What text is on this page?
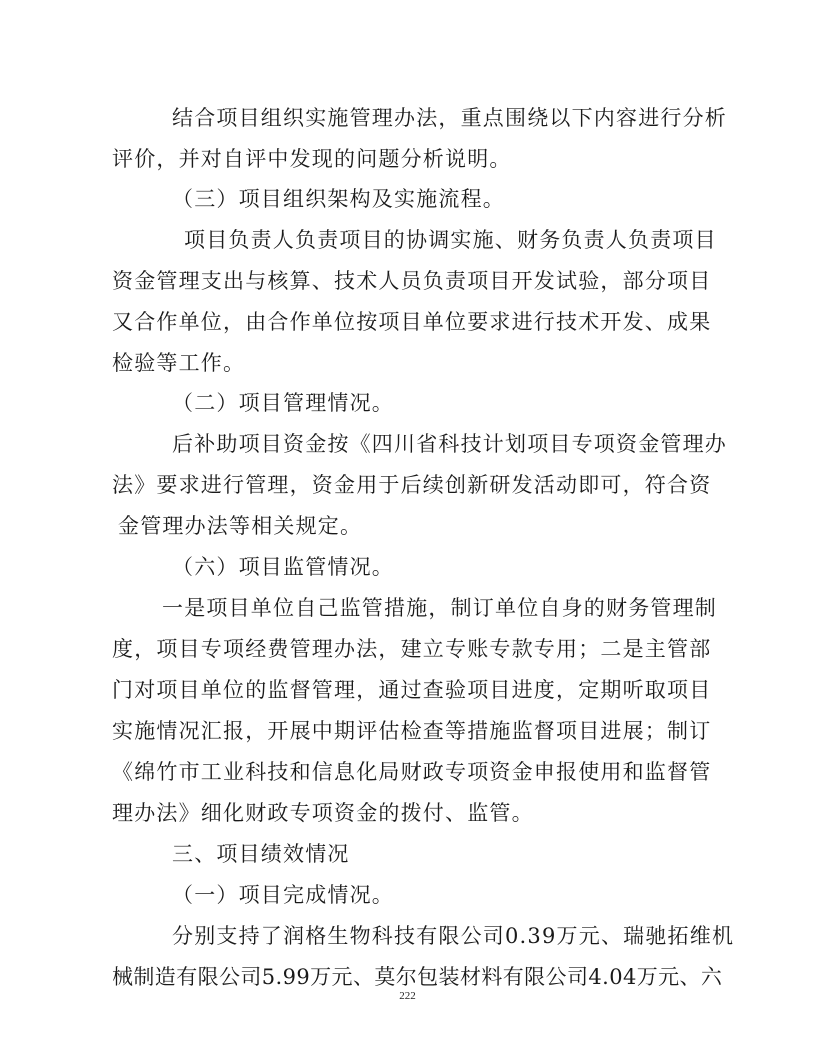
结合项目组织实施管理办法，重点围绕以下内容进行分析
评价，并对自评中发现的问题分析说明。
（三）项目组织架构及实施流程。
项目负责人负责项目的协调实施、财务负责人负责项目
资金管理支出与核算、技术人员负责项目开发试验，部分项目
又合作单位，由合作单位按项目单位要求进行技术开发、成果
检验等工作。
（二）项目管理情况。
后补助项目资金按《四川省科技计划项目专项资金管理办
法》要求进行管理，资金用于后续创新研发活动即可，符合资
金管理办法等相关规定。
（六）项目监管情况。
一是项目单位自己监管措施，制订单位自身的财务管理制
度，项目专项经费管理办法，建立专账专款专用；二是主管部
门对项目单位的监督管理，通过查验项目进度，定期听取项目
实施情况汇报，开展中期评估检查等措施监督项目进展；制订
《绵竹市工业科技和信息化局财政专项资金申报使用和监督管
理办法》细化财政专项资金的拨付、监管。
三、项目绩效情况
（一）项目完成情况。
分别支持了润格生物科技有限公司0.39万元、瑞驰拓维机
械制造有限公司5.99万元、莫尔包装材料有限公司4.04万元、六
222
